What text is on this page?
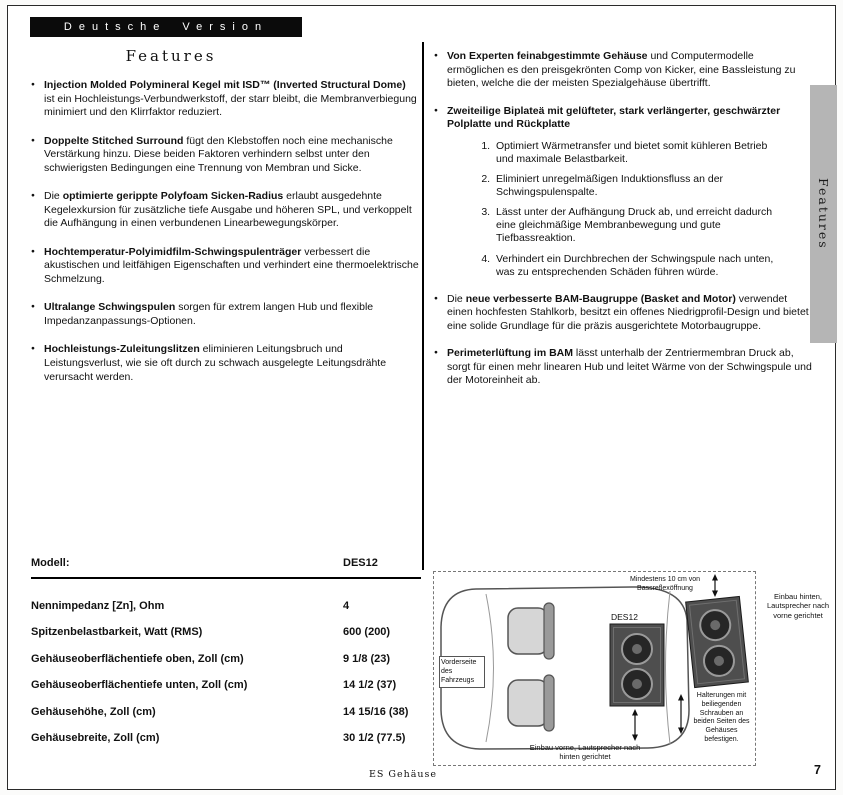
Deutsche Version
Features
● Injection Molded Polymineral Kegel mit ISD™ (Inverted Structural Dome) ist ein Hochleistungs-Verbundwerkstoff, der starr bleibt, die Membranverbiegung minimiert und den Klirrfaktor reduziert.
● Doppelte Stitched Surround fügt den Klebstoffen noch eine mechanische Verstärkung hinzu. Diese beiden Faktoren verhindern selbst unter den schwierigsten Bedingungen eine Trennung von Membran und Sicke.
● Die optimierte gerippte Polyfoam Sicken-Radius erlaubt ausgedehnte Kegelexkursion für zusätzliche tiefe Ausgabe und höheren SPL, und verkoppelt die Aufhängung in einen verbundenen Linearbewegungskörper.
● Hochtemperatur-Polyimidfilm-Schwingspulenträger verbessert die akustischen und leitfähigen Eigenschaften und verhindert eine thermoelektrische Schmelzung.
● Ultralange Schwingspulen sorgen für extrem langen Hub und flexible Impedanzanpassungs-Optionen.
● Hochleistungs-Zuleitungslitzen eliminieren Leitungsbruch und Leistungsverlust, wie sie oft durch zu schwach ausgelegte Leitungsdrähte verursacht werden.
● Von Experten feinabgestimmte Gehäuse und Computermodelle ermöglichen es den preisgekrönten Comp von Kicker, eine Bassleistung zu bieten, welche die der meisten Spezialgehäuse übertrifft.
● Zweiteilige Biplateä mit gelüfteter, stark verlängerter, geschwärzter Polplatte und Rückplatte
1. Optimiert Wärmetransfer und bietet somit kühleren Betrieb und maximale Belastbarkeit.
2. Eliminiert unregelmäßigen Induktionsfluss an der Schwingspulenspalte.
3. Lässt unter der Aufhängung Druck ab, und erreicht dadurch eine gleichmäßige Membranbewegung und gute Tiefbassreaktion.
4. Verhindert ein Durchbrechen der Schwingspule nach unten, was zu entsprechenden Schäden führen würde.
● Die neue verbesserte BAM-Baugruppe (Basket and Motor) verwendet einen hochfesten Stahlkorb, besitzt ein offenes Niedrigprofil-Design und bietet eine solide Grundlage für die präzis ausgerichtete Motorbaugruppe.
● Perimeterlüftung im BAM lässt unterhalb der Zentriermembran Druck ab, sorgt für einen mehr linearen Hub und leitet Wärme von der Schwingspule und der Motoreinheit ab.
Modell:	DES12
Nennimpedanz [Zn], Ohm	4
Spitzenbelastbarkeit, Watt (RMS)	600 (200)
Gehäuseoberflächentiefe oben, Zoll (cm)	9 1/8 (23)
Gehäuseoberflächentiefe unten, Zoll (cm)	14 1/2 (37)
Gehäusehöhe, Zoll (cm)	14 15/16 (38)
Gehäusebreite, Zoll (cm)	30 1/2 (77.5)
Mindestens 10 cm von Bassreflexöffnung
Vorderseite des Fahrzeugs
DES12
Halterungen mit beiliegenden Schrauben an beiden Seiten des Gehäuses befestigen.
Einbau vorne, Lautsprecher nach hinten gerichtet
Einbau hinten, Lautsprecher nach vorne gerichtet
Features
ES Gehäuse	7
